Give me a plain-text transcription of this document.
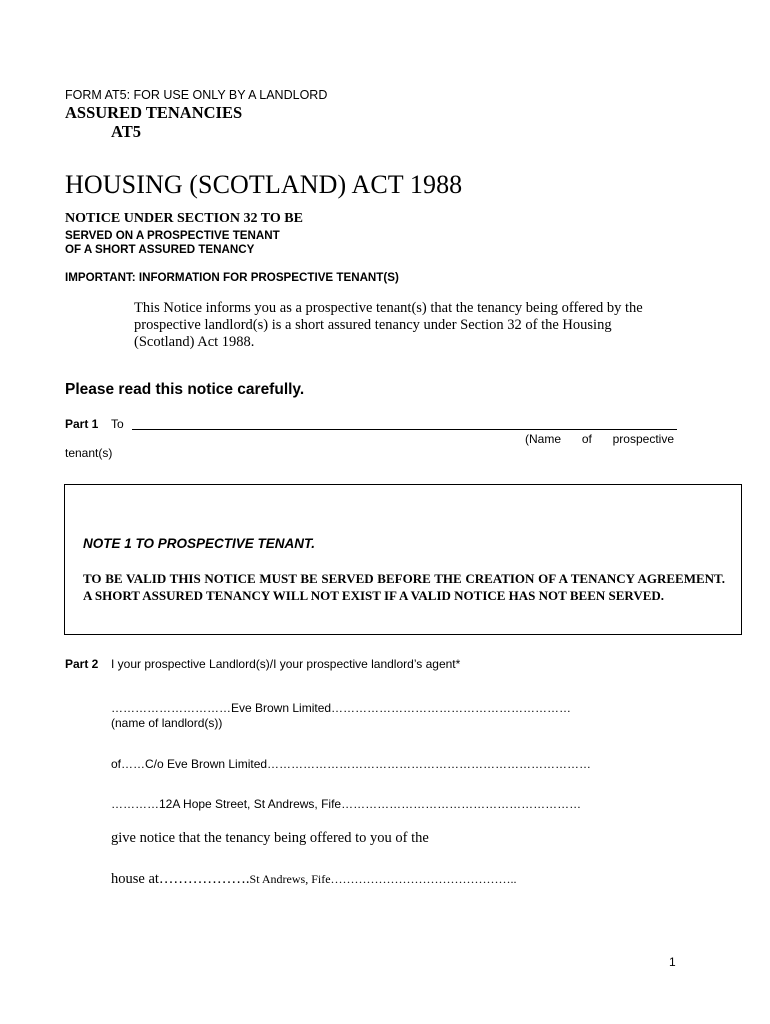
FORM AT5: FOR USE ONLY BY A LANDLORD
ASSURED TENANCIES
AT5
HOUSING (SCOTLAND) ACT 1988
NOTICE UNDER SECTION 32 TO BE
SERVED ON A PROSPECTIVE TENANT
OF A SHORT ASSURED TENANCY
IMPORTANT: INFORMATION FOR PROSPECTIVE TENANT(S)
This Notice informs you as a prospective tenant(s) that the tenancy being offered by the prospective landlord(s) is a short assured tenancy under Section 32 of the Housing (Scotland) Act 1988.
Please read this notice carefully.
Part 1 To
(Name of prospective
tenant(s)
NOTE 1 TO PROSPECTIVE TENANT.
TO BE VALID THIS NOTICE MUST BE SERVED BEFORE THE CREATION OF A TENANCY AGREEMENT. A SHORT ASSURED TENANCY WILL NOT EXIST IF A VALID NOTICE HAS NOT BEEN SERVED.
Part 2 I your prospective Landlord(s)/I your prospective landlord’s agent*
…………………………Eve Brown Limited……………………………………………………
(name of landlord(s))
of……C/o Eve Brown Limited………………………………………………………………………
…………12A Hope Street, St Andrews, Fife……………………………………………………
give notice that the tenancy being offered to you of the
house at……………….St Andrews, Fife………………………………………..
1
